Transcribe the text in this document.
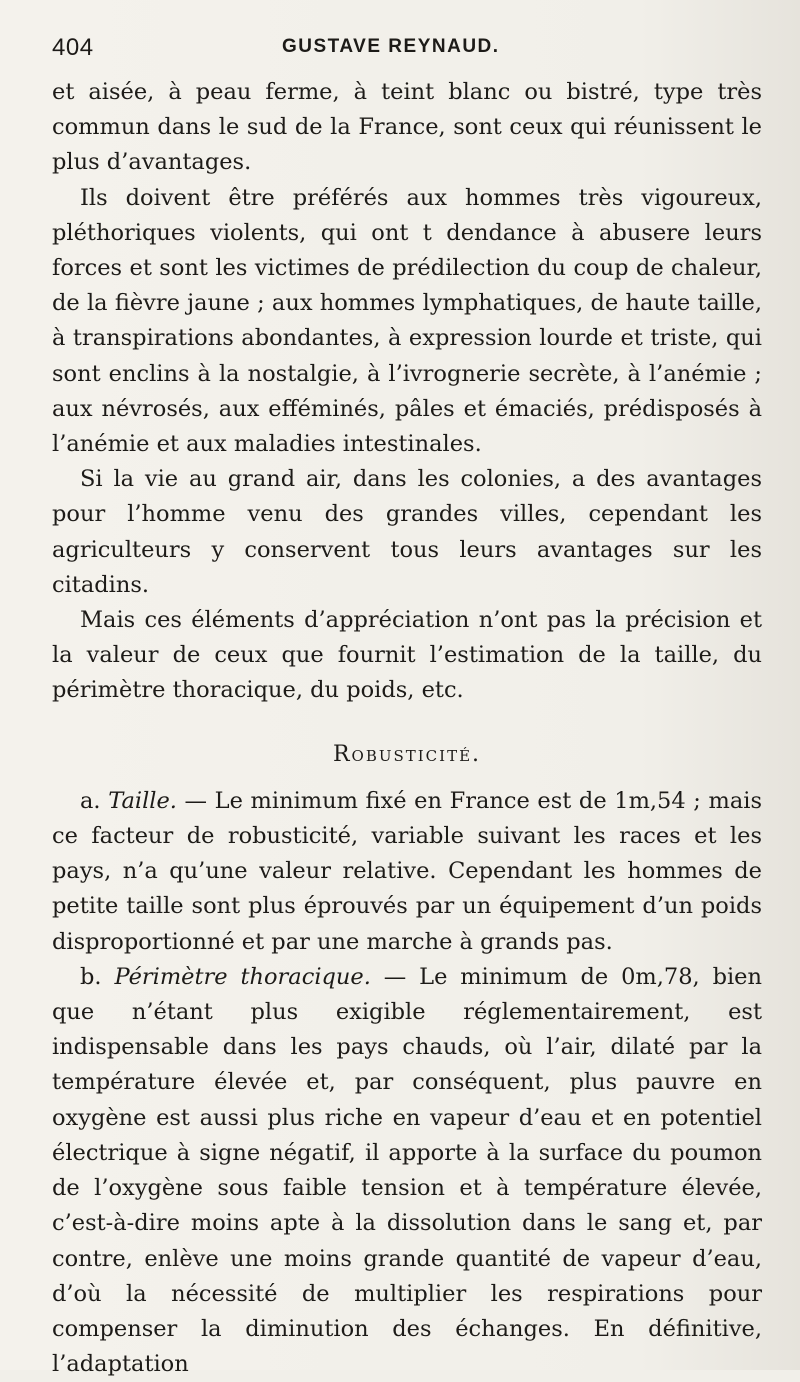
404	GUSTAVE REYNAUD.

et aisée, à peau ferme, à teint blanc ou bistré, type très commun dans le sud de la France, sont ceux qui réunissent le plus d’avantages.

Ils doivent être préférés aux hommes très vigoureux, pléthoriques violents, qui ont t dendance à abusere leurs forces et sont les victimes de prédilection du coup de chaleur, de la fièvre jaune ; aux hommes lymphatiques, de haute taille, à transpirations abondantes, à expression lourde et triste, qui sont enclins à la nostalgie, à l’ivrognerie secrète, à l’anémie ; aux névrosés, aux efféminés, pâles et émaciés, prédisposés à l’anémie et aux maladies intestinales.

Si la vie au grand air, dans les colonies, a des avantages pour l’homme venu des grandes villes, cependant les agriculteurs y conservent tous leurs avantages sur les citadins.

Mais ces éléments d’appréciation n’ont pas la précision et la valeur de ceux que fournit l’estimation de la taille, du périmètre thoracique, du poids, etc.

Robusticité.

a. Taille. — Le minimum fixé en France est de 1m,54 ; mais ce facteur de robusticité, variable suivant les races et les pays, n’a qu’une valeur relative. Cependant les hommes de petite taille sont plus éprouvés par un équipement d’un poids disproportionné et par une marche à grands pas.

b. Périmètre thoracique. — Le minimum de 0m,78, bien que n’étant plus exigible réglementairement, est indispensable dans les pays chauds, où l’air, dilaté par la température élevée et, par conséquent, plus pauvre en oxygène est aussi plus riche en vapeur d’eau et en potentiel électrique à signe négatif, il apporte à la surface du poumon de l’oxygène sous faible tension et à température élevée, c’est-à-dire moins apte à la dissolution dans le sang et, par contre, enlève une moins grande quantité de vapeur d’eau, d’où la nécessité de multiplier les respirations pour compenser la diminution des échanges. En définitive, l’adaptation
